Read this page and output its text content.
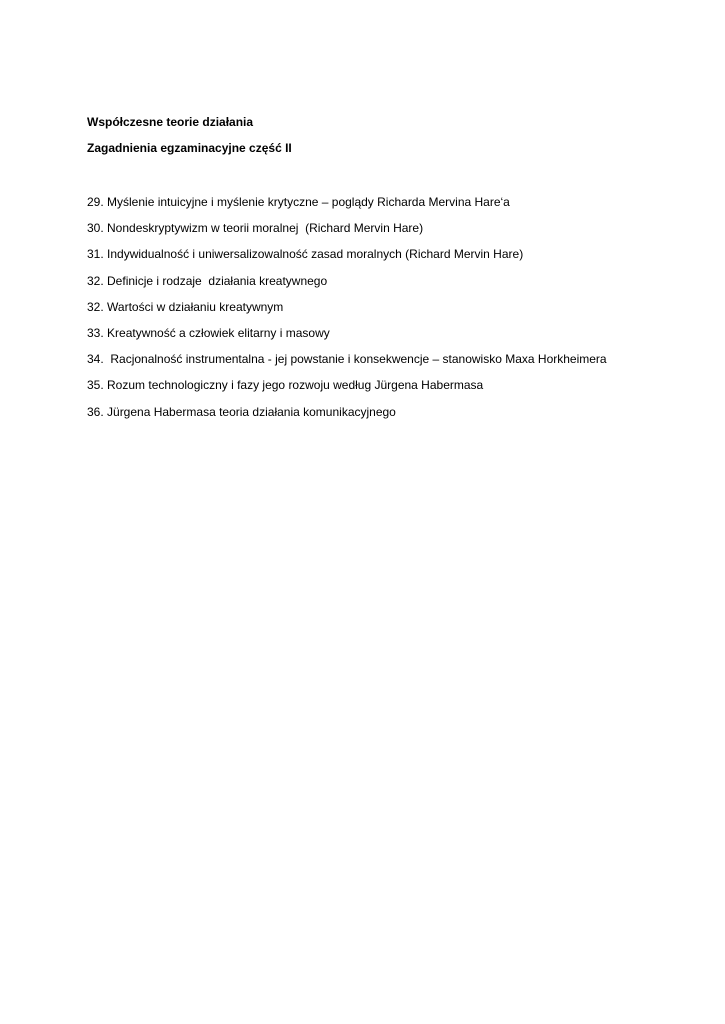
Współczesne teorie działania

Zagadnienia egzaminacyjne część II

29. Myślenie intuicyjne i myślenie krytyczne – poglądy Richarda Mervina Hare‘a
30. Nondeskryptywizm w teorii moralnej  (Richard Mervin Hare)
31. Indywidualność i uniwersalizowalność zasad moralnych (Richard Mervin Hare)
32. Definicje i rodzaje  działania kreatywnego
32. Wartości w działaniu kreatywnym
33. Kreatywność a człowiek elitarny i masowy
34.  Racjonalność instrumentalna - jej powstanie i konsekwencje – stanowisko Maxa Horkheimera
35. Rozum technologiczny i fazy jego rozwoju według Jürgena Habermasa
36. Jürgena Habermasa teoria działania komunikacyjnego
